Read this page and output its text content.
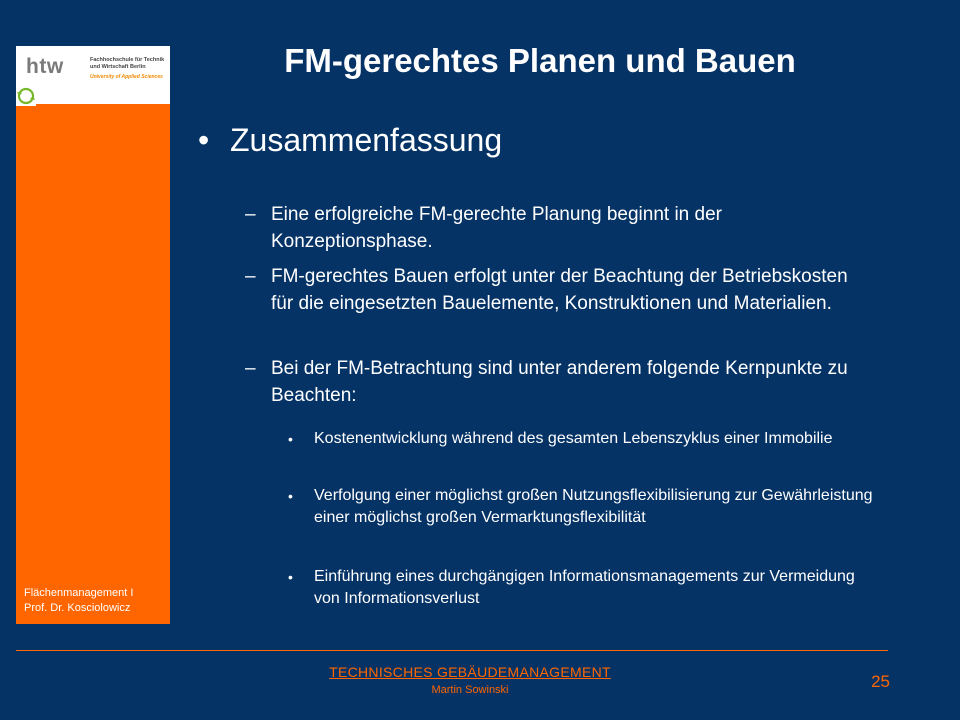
htw	Fachhochschule für Technik und Wirtschaft Berlin
University of Applied Sciences
Flächenmanagement I
Prof. Dr. Kosciolowicz
FM-gerechtes Planen und Bauen
• Zusammenfassung
– Eine erfolgreiche FM-gerechte Planung beginnt in der Konzeptionsphase.
– FM-gerechtes Bauen erfolgt unter der Beachtung der Betriebskosten für die eingesetzten Bauelemente, Konstruktionen und Materialien.
– Bei der FM-Betrachtung sind unter anderem folgende Kernpunkte zu Beachten:
• Kostenentwicklung während des gesamten Lebenszyklus einer Immobilie
• Verfolgung einer möglichst großen Nutzungsflexibilisierung zur Gewährleistung einer möglichst großen Vermarktungsflexibilität
• Einführung eines durchgängigen Informationsmanagements zur Vermeidung von Informationsverlust
TECHNISCHES GEBÄUDEMANAGEMENT
Martin Sowinski	25
